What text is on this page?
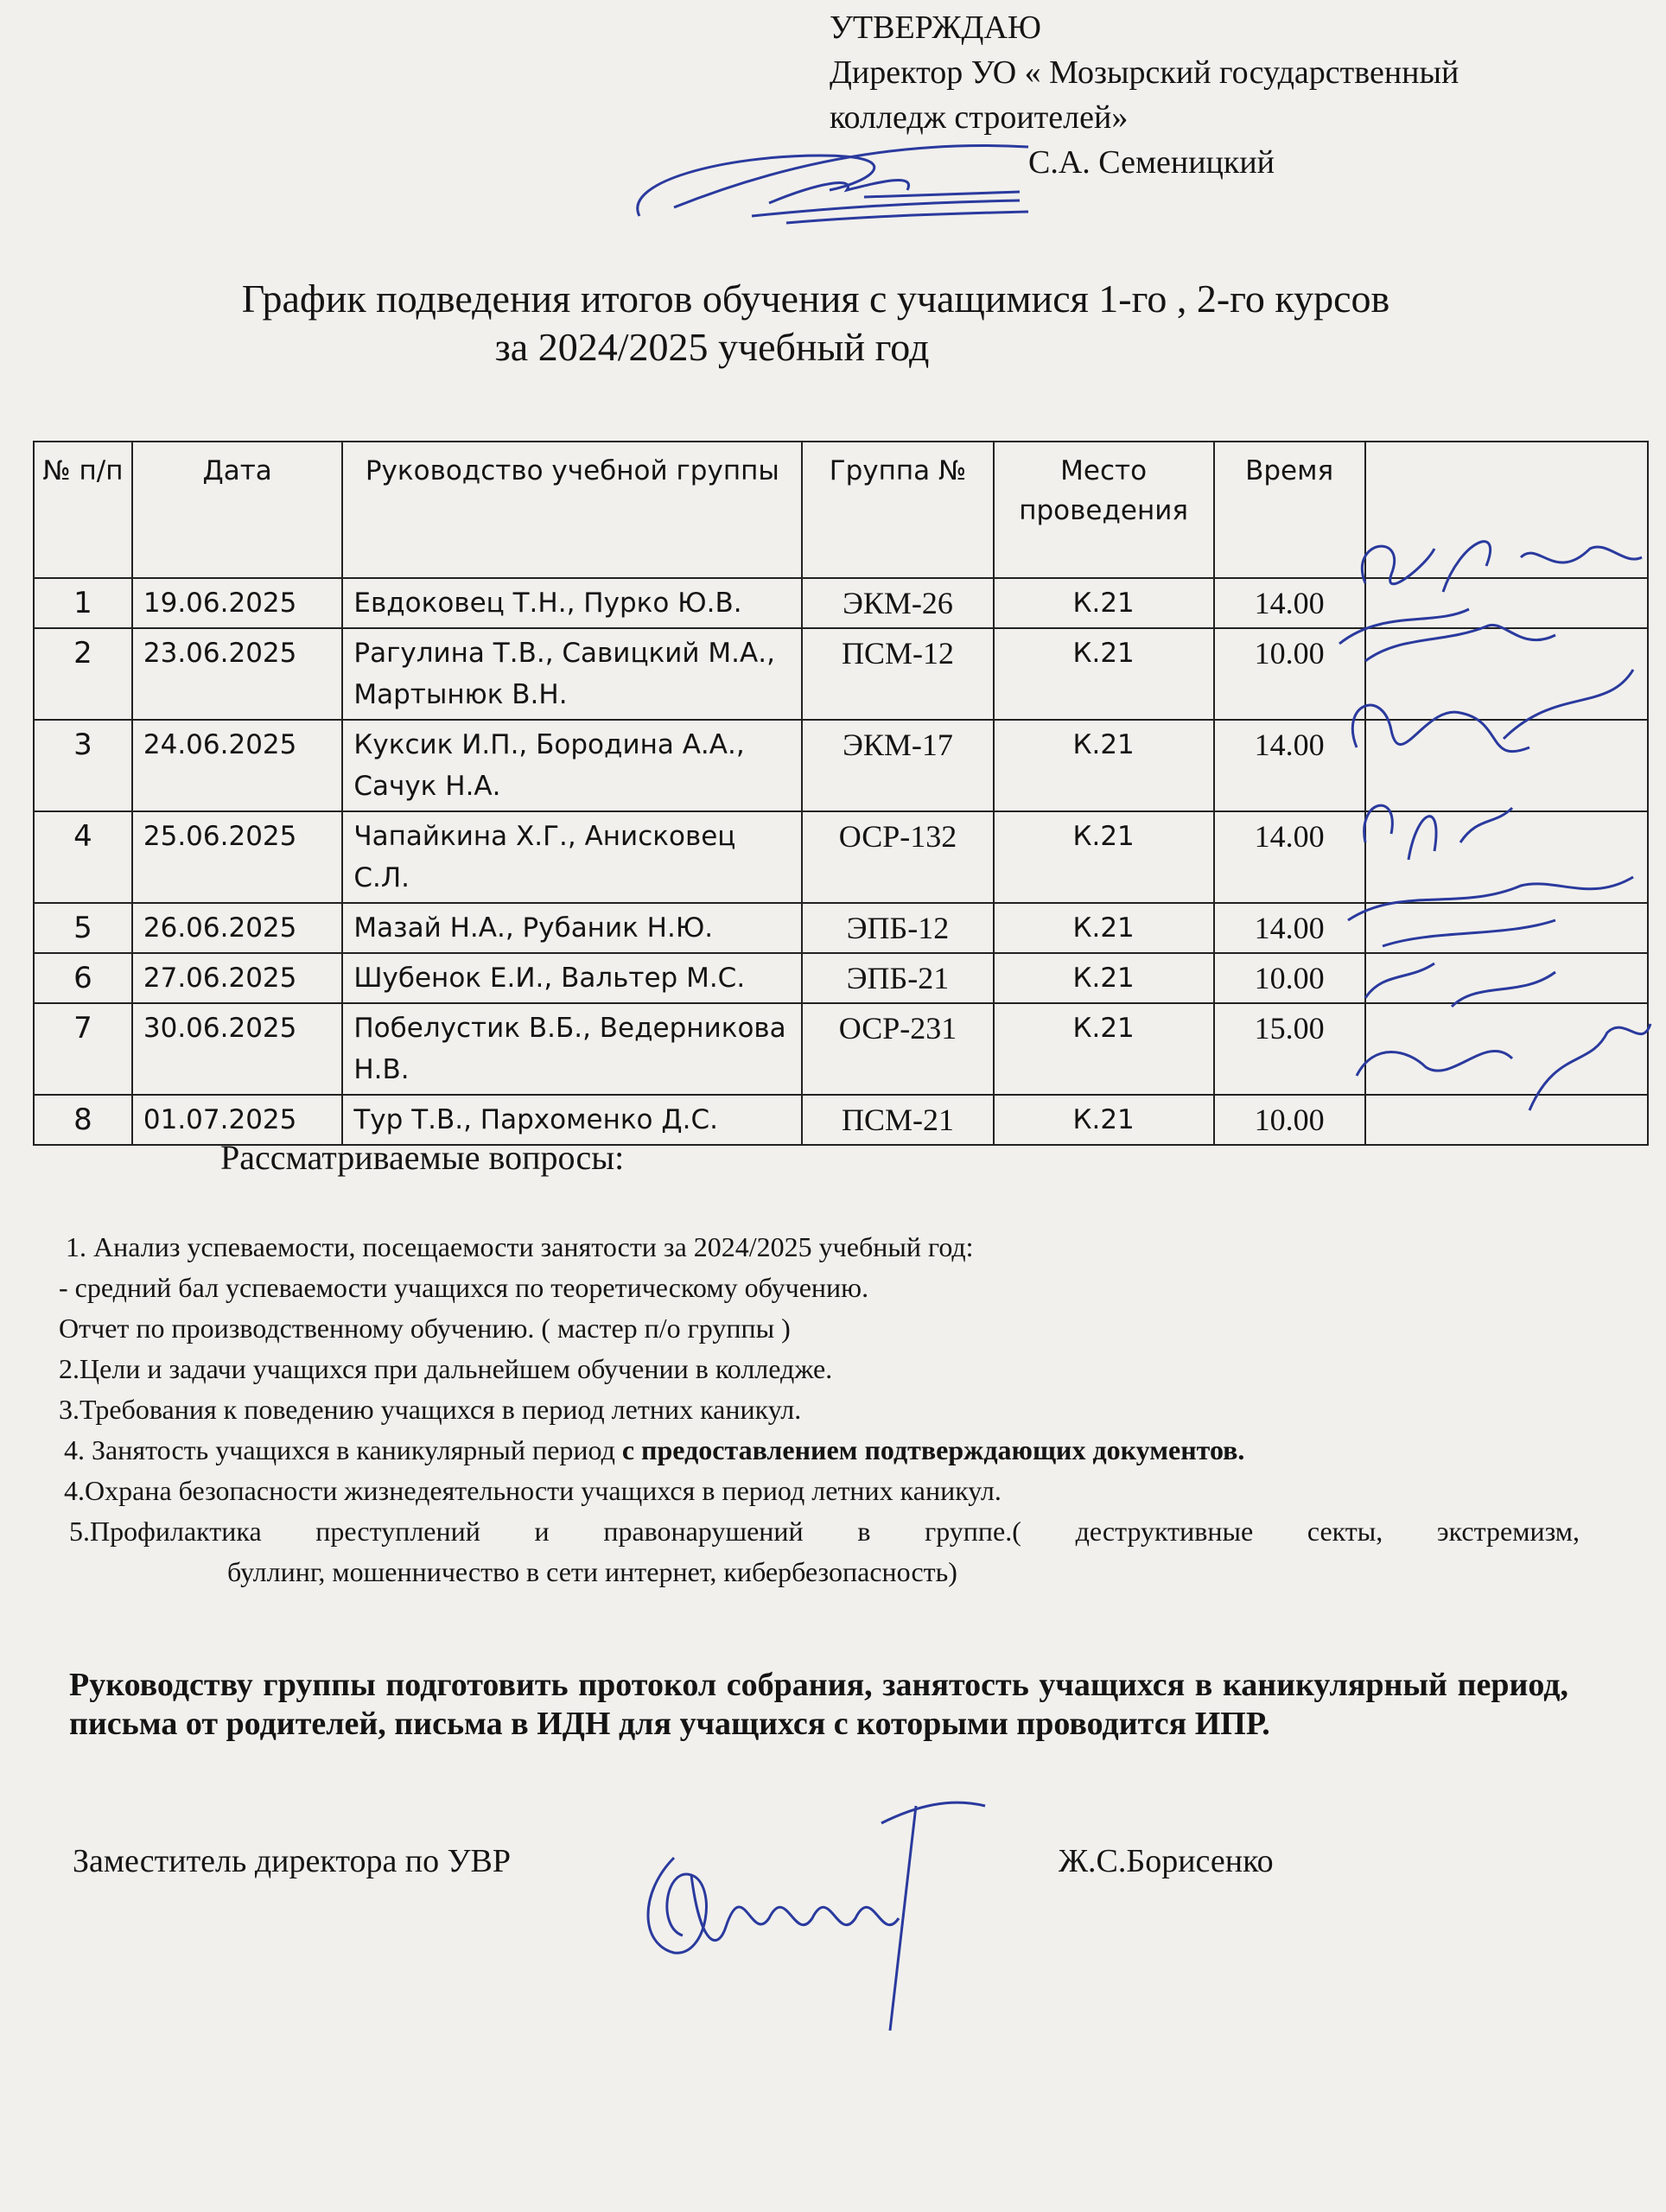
УТВЕРЖДАЮ
Директор УО « Мозырский государственный
колледж строителей»
С.А. Семеницкий
График подведения итогов обучения с учащимися 1-го , 2-го курсов
за 2024/2025 учебный год
№ п/п	Дата	Руководство учебной группы	Группа №	Место проведения	Время	
1	19.06.2025	Евдоковец Т.Н., Пурко Ю.В.	ЭКМ-26	К.21	14.00	
2	23.06.2025	Рагулина Т.В., Савицкий М.А., Мартынюк В.Н.	ПСМ-12	К.21	10.00	
3	24.06.2025	Куксик И.П., Бородина А.А., Сачук Н.А.	ЭКМ-17	К.21	14.00	
4	25.06.2025	Чапайкина Х.Г., Анисковец С.Л.	ОСР-132	К.21	14.00	
5	26.06.2025	Мазай Н.А., Рубаник Н.Ю.	ЭПБ-12	К.21	14.00	
6	27.06.2025	Шубенок Е.И., Вальтер М.С.	ЭПБ-21	К.21	10.00	
7	30.06.2025	Побелустик В.Б., Ведерникова Н.В.	ОСР-231	К.21	15.00	
8	01.07.2025	Тур Т.В., Пархоменко Д.С.	ПСМ-21	К.21	10.00	
Рассматриваемые вопросы:

1. Анализ успеваемости, посещаемости занятости за 2024/2025 учебный год:

- средний бал успеваемости учащихся по теоретическому обучению.

Отчет по производственному обучению. ( мастер п/о группы )

2.Цели и задачи учащихся при дальнейшем обучении в колледже.

3.Требования к поведению учащихся в период летних каникул.

4. Занятость учащихся в каникулярный период с предоставлением подтверждающих документов.

4.Охрана безопасности жизнедеятельности учащихся в период летних каникул.

5.Профилактика преступлений и правонарушений в группе.( деструктивные секты, экстремизм,

буллинг, мошенничество в сети интернет, кибербезопасность)

Руководству группы подготовить протокол собрания, занятость учащихся в каникулярный период, письма от родителей, письма в ИДН для учащихся с которыми проводится ИПР.
Заместитель директора по УВР	Ж.С.Борисенко
